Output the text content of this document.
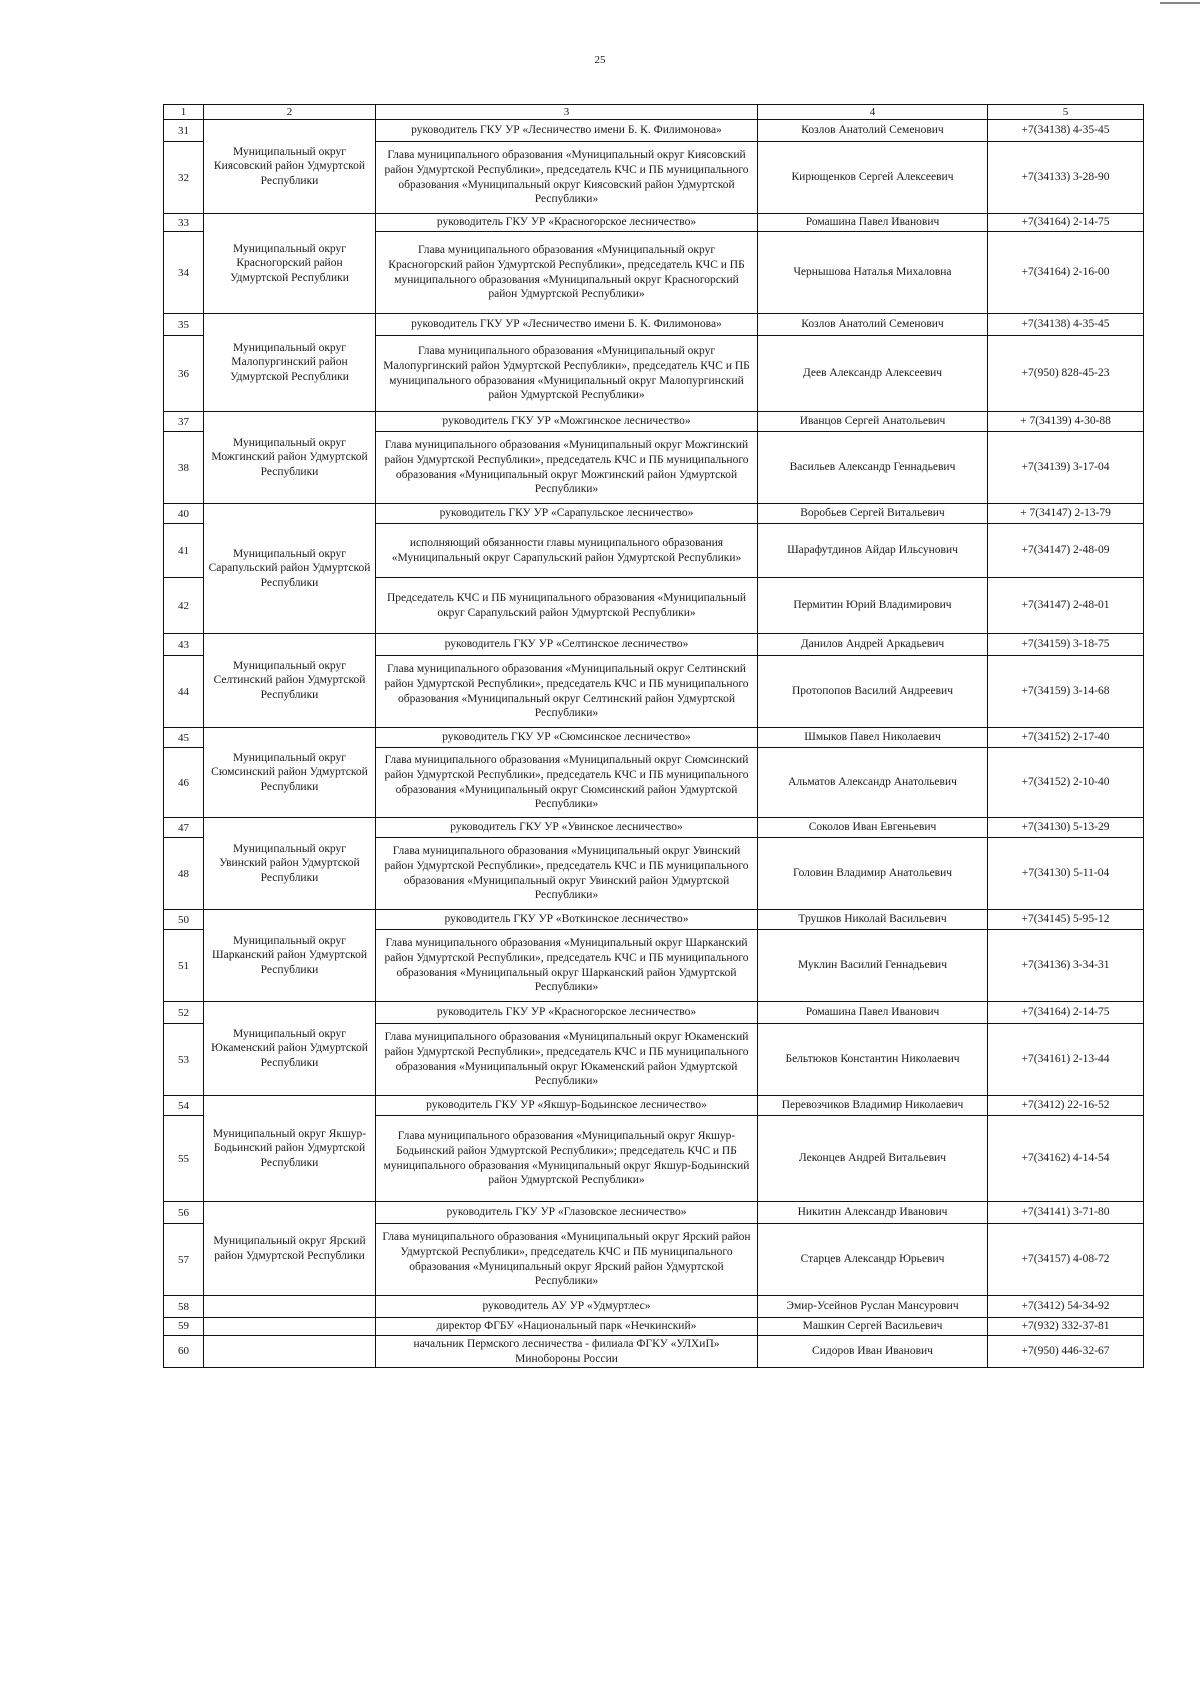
25
1	2	3	4	5
31	Муниципальный округ Киясовский район Удмуртской Республики	руководитель ГКУ УР «Лесничество имени Б. К. Филимонова»	Козлов Анатолий Семенович	+7(34138) 4-35-45
32		Глава муниципального образования «Муниципальный округ Киясовский район Удмуртской Республики», председатель КЧС и ПБ муниципального образования «Муниципальный округ Киясовский район Удмуртской Республики»	Кирющенков Сергей Алексеевич	+7(34133) 3-28-90
33	Муниципальный округ Красногорский район Удмуртской Республики	руководитель ГКУ УР «Красногорское лесничество»	Ромашина Павел Иванович	+7(34164) 2-14-75
34		Глава муниципального образования «Муниципальный округ Красногорский район Удмуртской Республики», председатель КЧС и ПБ муниципального образования «Муниципальный округ Красногорский район Удмуртской Республики»	Чернышова Наталья Михаловна	+7(34164) 2-16-00
35	Муниципальный округ Малопургинский район Удмуртской Республики	руководитель ГКУ УР «Лесничество имени Б. К. Филимонова»	Козлов Анатолий Семенович	+7(34138) 4-35-45
36		Глава муниципального образования «Муниципальный округ Малопургинский район Удмуртской Республики», председатель КЧС и ПБ муниципального образования «Муниципальный округ Малопургинский район Удмуртской Республики»	Деев Александр Алексеевич	+7(950) 828-45-23
37	Муниципальный округ Можгинский район Удмуртской Республики	руководитель ГКУ УР «Можгинское лесничество»	Иванцов Сергей Анатольевич	+ 7(34139) 4-30-88
38		Глава муниципального образования «Муниципальный округ Можгинский район Удмуртской Республики», председатель КЧС и ПБ муниципального образования «Муниципальный округ Можгинский район Удмуртской Республики»	Васильев Александр Геннадьевич	+7(34139) 3-17-04
40	Муниципальный округ Сарапульский район Удмуртской Республики	руководитель ГКУ УР «Сарапульское лесничество»	Воробьев Сергей Витальевич	+ 7(34147) 2-13-79
41		исполняющий обязанности главы муниципального образования «Муниципальный округ Сарапульский район Удмуртской Республики»	Шарафутдинов Айдар Ильсунович	+7(34147) 2-48-09
42		Председатель КЧС и ПБ муниципального образования «Муниципальный округ Сарапульский район Удмуртской Республики»	Пермитин Юрий Владимирович	+7(34147) 2-48-01
43	Муниципальный округ Селтинский район Удмуртской Республики	руководитель ГКУ УР «Селтинское лесничество»	Данилов Андрей Аркадьевич	+7(34159) 3-18-75
44		Глава муниципального образования «Муниципальный округ Селтинский район Удмуртской Республики», председатель КЧС и ПБ муниципального образования «Муниципальный округ Селтинский район Удмуртской Республики»	Протопопов Василий Андреевич	+7(34159) 3-14-68
45	Муниципальный округ Сюмсинский район Удмуртской Республики	руководитель ГКУ УР «Сюмсинское лесничество»	Шмыков Павел Николаевич	+7(34152) 2-17-40
46		Глава муниципального образования «Муниципальный округ Сюмсинский район Удмуртской Республики», председатель КЧС и ПБ муниципального образования «Муниципальный округ Сюмсинский район Удмуртской Республики»	Альматов Александр Анатольевич	+7(34152) 2-10-40
47	Муниципальный округ Увинский район Удмуртской Республики	руководитель ГКУ УР «Увинское лесничество»	Соколов Иван Евгеньевич	+7(34130) 5-13-29
48		Глава муниципального образования «Муниципальный округ Увинский район Удмуртской Республики», председатель КЧС и ПБ муниципального образования «Муниципальный округ Увинский район Удмуртской Республики»	Головин Владимир Анатольевич	+7(34130) 5-11-04
50	Муниципальный округ Шарканский район Удмуртской Республики	руководитель ГКУ УР «Воткинское лесничество»	Трушков Николай Васильевич	+7(34145) 5-95-12
51		Глава муниципального образования «Муниципальный округ Шарканский район Удмуртской Республики», председатель КЧС и ПБ муниципального образования «Муниципальный округ Шарканский район Удмуртской Республики»	Муклин Василий Геннадьевич	+7(34136) 3-34-31
52	Муниципальный округ Юкаменский район Удмуртской Республики	руководитель ГКУ УР «Красногорское лесничество»	Ромашина Павел Иванович	+7(34164) 2-14-75
53		Глава муниципального образования «Муниципальный округ Юкаменский район Удмуртской Республики», председатель КЧС и ПБ муниципального образования «Муниципальный округ Юкаменский район Удмуртской Республики»	Бельтюков Константин Николаевич	+7(34161) 2-13-44
54	Муниципальный округ Якшур-Бодьинский район Удмуртской Республики	руководитель ГКУ УР «Якшур-Бодьинское лесничество»	Перевозчиков Владимир Николаевич	+7(3412) 22-16-52
55		Глава муниципального образования «Муниципальный округ Якшур-Бодьинский район Удмуртской Республики»; председатель КЧС и ПБ муниципального образования «Муниципальный округ Якшур-Бодьинский район Удмуртской Республики»	Леконцев Андрей Витальевич	+7(34162) 4-14-54
56	Муниципальный округ Ярский район Удмуртской Республики	руководитель ГКУ УР «Глазовское лесничество»	Никитин Александр Иванович	+7(34141) 3-71-80
57		Глава муниципального образования «Муниципальный округ Ярский район Удмуртской Республики», председатель КЧС и ПБ муниципального образования «Муниципальный округ Ярский район Удмуртской Республики»	Старцев Александр Юрьевич	+7(34157) 4-08-72
58		руководитель АУ УР «Удмуртлес»	Эмир-Усейнов Руслан Мансурович	+7(3412) 54-34-92
59		директор ФГБУ «Национальный парк «Нечкинский»	Машкин Сергей Васильевич	+7(932) 332-37-81
60		начальник Пермского лесничества - филиала ФГКУ «УЛХиП» Минобороны России	Сидоров Иван Иванович	+7(950) 446-32-67
